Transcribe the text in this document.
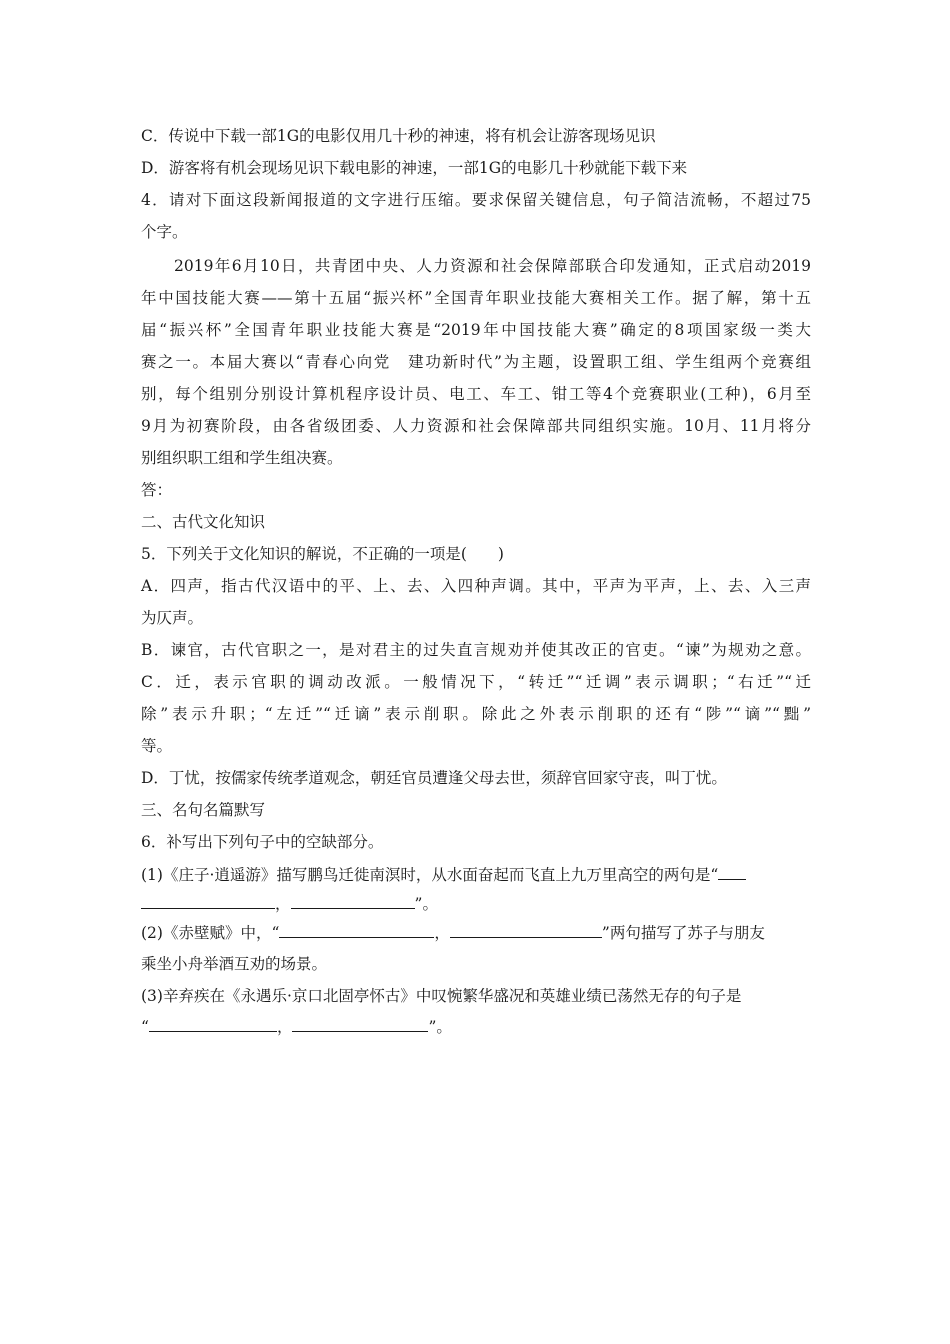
C．传说中下载一部1G的电影仅用几十秒的神速，将有机会让游客现场见识
D．游客将有机会现场见识下载电影的神速，一部1G的电影几十秒就能下载下来
4．请对下面这段新闻报道的文字进行压缩。要求保留关键信息，句子简洁流畅，不超过75
个字。
2019年6月10日，共青团中央、人力资源和社会保障部联合印发通知，正式启动2019
年中国技能大赛——第十五届“振兴杯”全国青年职业技能大赛相关工作。据了解，第十五
届“振兴杯”全国青年职业技能大赛是“2019年中国技能大赛”确定的8项国家级一类大
赛之一。本届大赛以“青春心向党　建功新时代”为主题，设置职工组、学生组两个竞赛组
别，每个组别分别设计算机程序设计员、电工、车工、钳工等4个竞赛职业(工种)，6月至
9月为初赛阶段，由各省级团委、人力资源和社会保障部共同组织实施。10月、11月将分
别组织职工组和学生组决赛。
答：
二、古代文化知识
5．下列关于文化知识的解说，不正确的一项是(　　)
A．四声，指古代汉语中的平、上、去、入四种声调。其中，平声为平声，上、去、入三声
为仄声。
B．谏官，古代官职之一，是对君主的过失直言规劝并使其改正的官吏。“谏”为规劝之意。
C．迁，表示官职的调动改派。一般情况下，“转迁”“迁调”表示调职；“右迁”“迁
除”表示升职；“左迁”“迁谪”表示削职。除此之外表示削职的还有“陟”“谪”“黜”
等。
D．丁忧，按儒家传统孝道观念，朝廷官员遭逢父母去世，须辞官回家守丧，叫丁忧。
三、名句名篇默写
6．补写出下列句子中的空缺部分。
(1)《庄子·逍遥游》描写鹏鸟迁徙南溟时，从水面奋起而飞直上九万里高空的两句是“
，	”。
(2)《赤壁赋》中，“	，	”两句描写了苏子与朋友
乘坐小舟举酒互劝的场景。
(3)辛弃疾在《永遇乐·京口北固亭怀古》中叹惋繁华盛况和英雄业绩已荡然无存的句子是
“	，	”。
